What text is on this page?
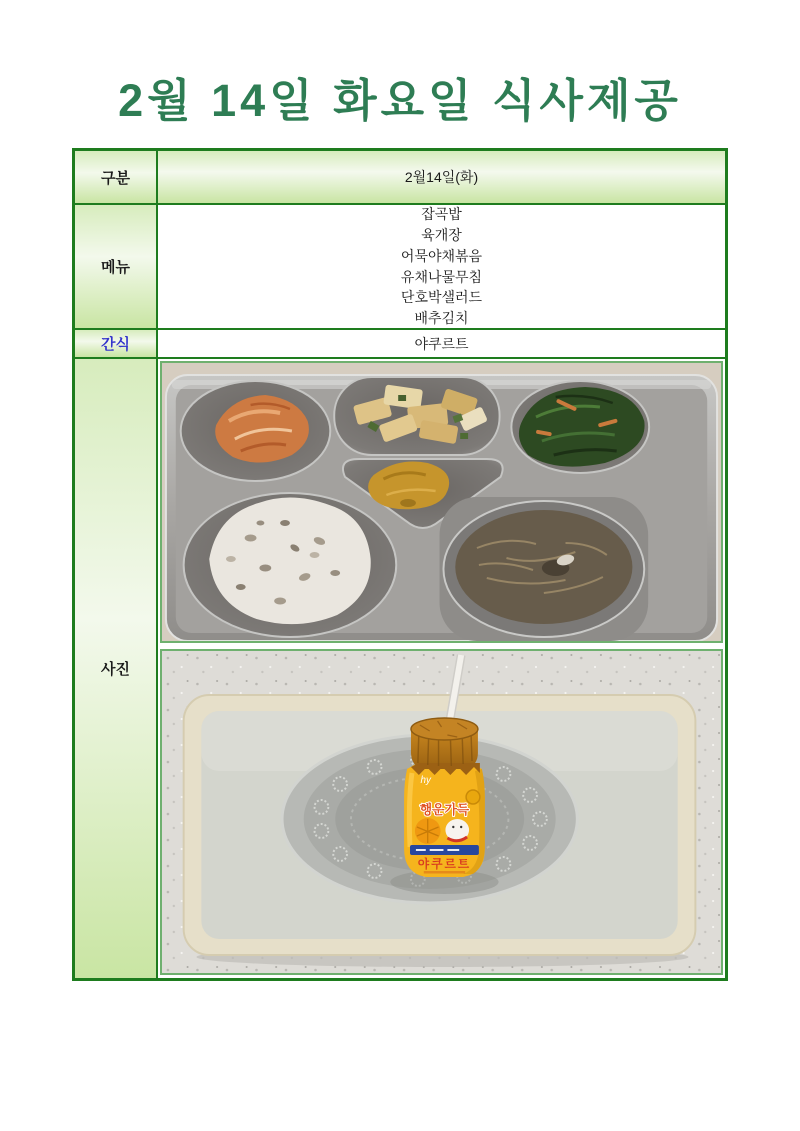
2월 14일 화요일 식사제공
구분	2월14일(화)
메뉴
잡곡밥
육개장
어묵야채볶음
유채나물무침
단호박샐러드
배추김치
간식	야쿠르트
사진
hy
행운가득
야쿠르트
